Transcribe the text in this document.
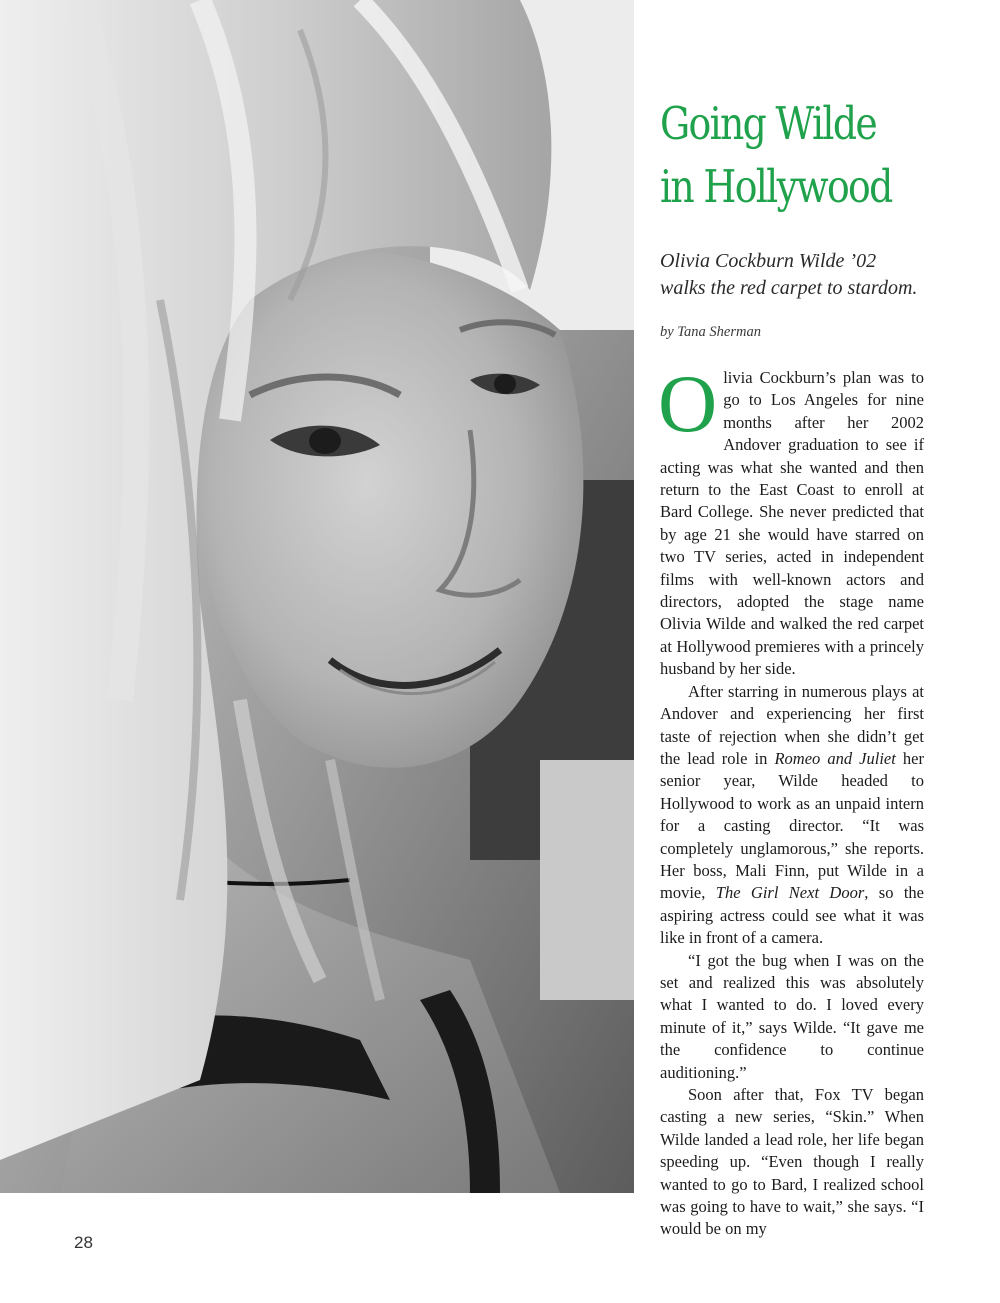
Going Wilde
in Hollywood

Olivia Cockburn Wilde ’02
walks the red carpet to stardom.

by Tana Sherman

Olivia Cockburn’s plan was to go to Los Angeles for nine months after her 2002 Andover graduation to see if acting was what she wanted and then return to the East Coast to enroll at Bard College. She never predicted that by age 21 she would have starred on two TV series, acted in independent films with well-known actors and directors, adopted the stage name Olivia Wilde and walked the red carpet at Hollywood premieres with a princely husband by her side.

After starring in numerous plays at Andover and experiencing her first taste of rejection when she didn’t get the lead role in Romeo and Juliet her senior year, Wilde headed to Hollywood to work as an unpaid intern for a casting director. “It was completely unglamorous,” she reports. Her boss, Mali Finn, put Wilde in a movie, The Girl Next Door, so the aspiring actress could see what it was like in front of a camera.

“I got the bug when I was on the set and realized this was absolutely what I wanted to do. I loved every minute of it,” says Wilde. “It gave me the confidence to continue auditioning.”

Soon after that, Fox TV began casting a new series, “Skin.” When Wilde landed a lead role, her life began speeding up. “Even though I really wanted to go to Bard, I realized school was going to have to wait,” she says. “I would be on my

28
